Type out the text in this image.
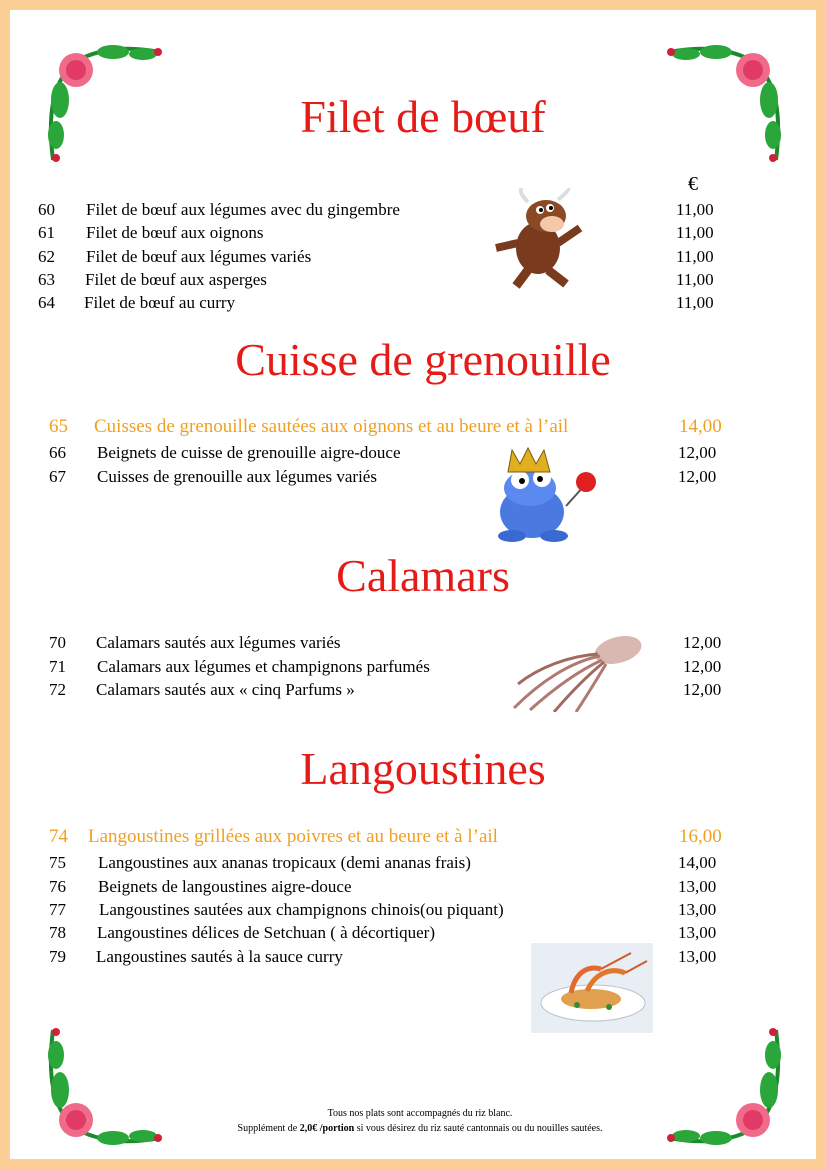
Filet de bœuf
€
60 Filet de bœuf aux légumes avec du gingembre	11,00
61 Filet de bœuf aux oignons	11,00
62 Filet de bœuf aux légumes variés	11,00
63 Filet de bœuf aux asperges	11,00
64 Filet de bœuf au curry	11,00
Cuisse de grenouille
65 Cuisses de grenouille sautées aux oignons et au beure et à l’ail	14,00
66 Beignets de cuisse de grenouille aigre-douce	12,00
67 Cuisses de grenouille aux légumes variés	12,00
Calamars
70 Calamars sautés aux légumes variés	12,00
71 Calamars aux légumes et champignons parfumés	12,00
72 Calamars sautés aux « cinq Parfums »	12,00
Langoustines
74 Langoustines grillées aux poivres et au beure et à l’ail	16,00
75 Langoustines aux ananas tropicaux (demi ananas frais)	14,00
76 Beignets de langoustines aigre-douce	13,00
77 Langoustines sautées aux champignons chinois(ou piquant)	13,00
78 Langoustines délices de Setchuan ( à décortiquer)	13,00
79 Langoustines sautés à la sauce curry	13,00
Tous nos plats sont accompagnés du riz blanc.
Supplément de 2,0€ /portion si vous désirez du riz sauté cantonnais ou du nouilles sautées.
